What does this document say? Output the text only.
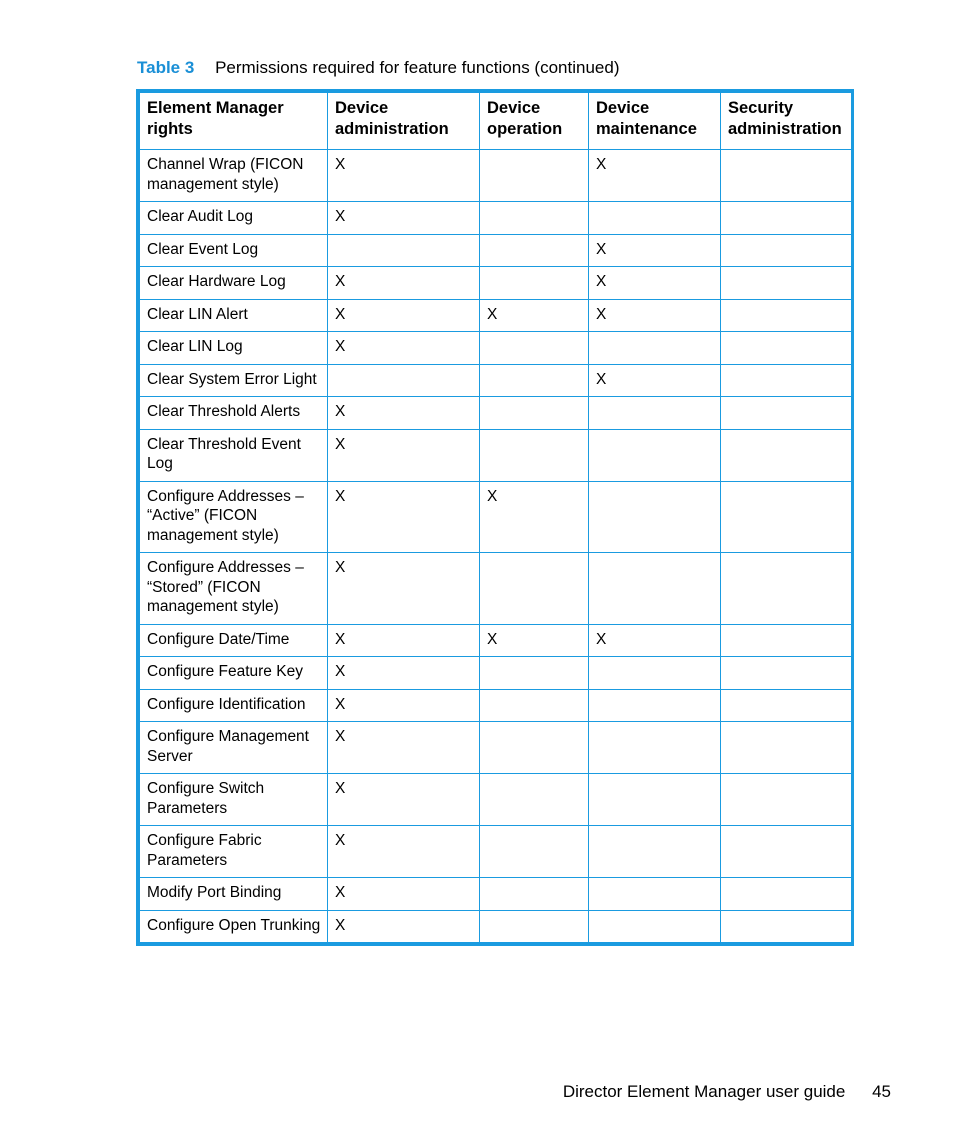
Table 3 Permissions required for feature functions (continued)
Element Manager rights	Device administration	Device operation	Device maintenance	Security administration
Channel Wrap (FICON management style)	X		X	
Clear Audit Log	X			
Clear Event Log			X	
Clear Hardware Log	X		X	
Clear LIN Alert	X	X	X	
Clear LIN Log	X			
Clear System Error Light			X	
Clear Threshold Alerts	X			
Clear Threshold Event Log	X			
Configure Addresses – “Active” (FICON management style)	X	X		
Configure Addresses – “Stored” (FICON management style)	X			
Configure Date/Time	X	X	X	
Configure Feature Key	X			
Configure Identification	X			
Configure Management Server	X			
Configure Switch Parameters	X			
Configure Fabric Parameters	X			
Modify Port Binding	X			
Configure Open Trunking	X			
Director Element Manager user guide 45
